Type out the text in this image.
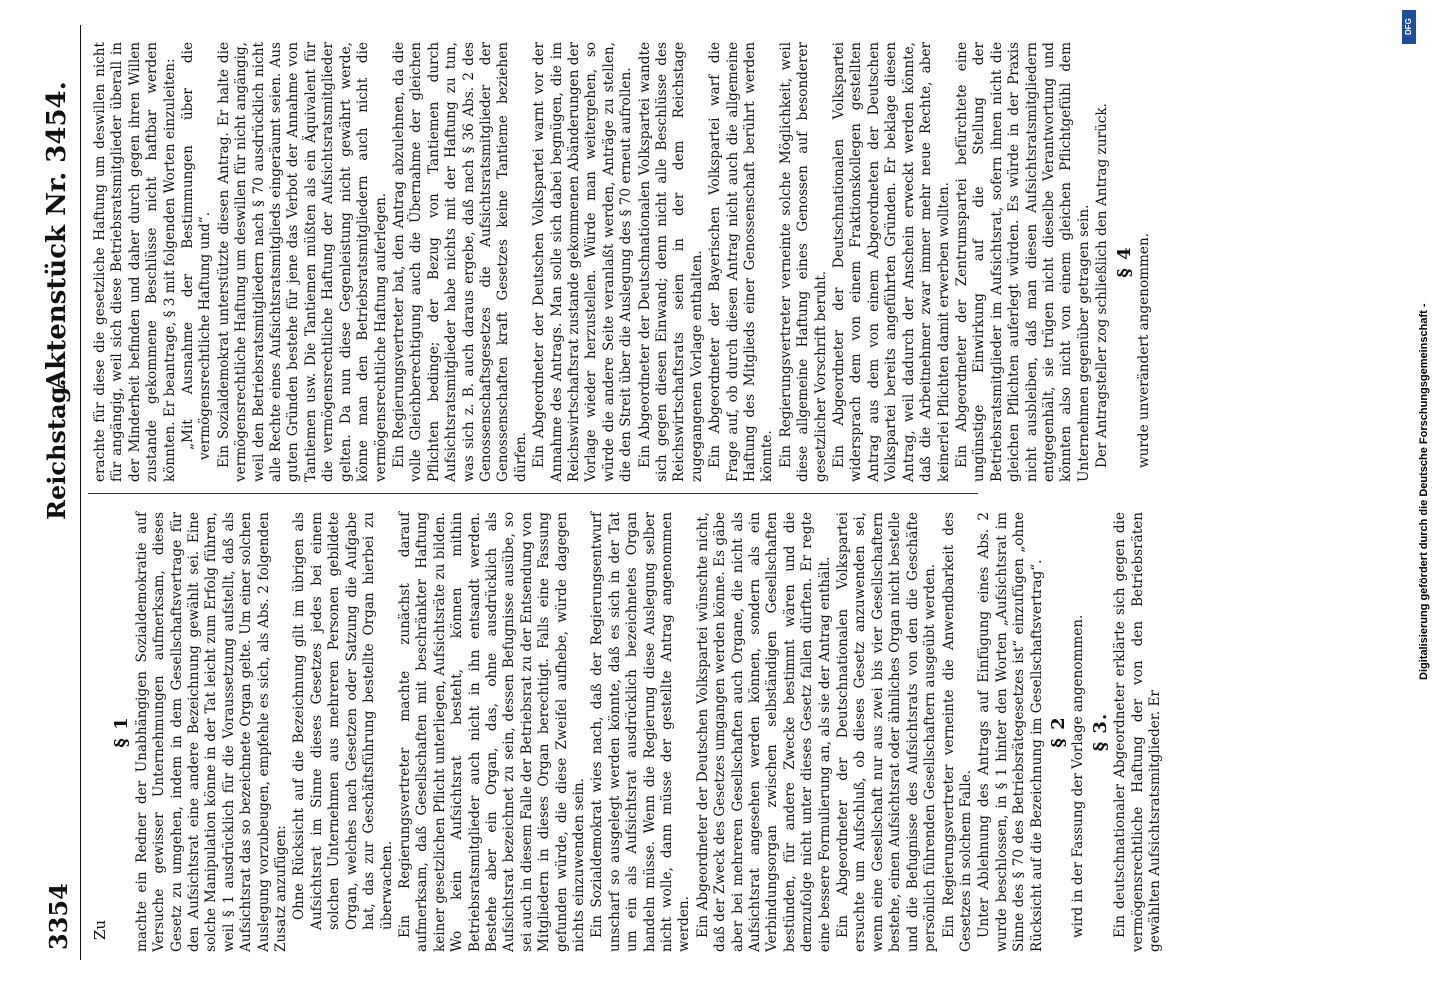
3354
Reichstag.
Aktenstück Nr. 3454.
Zu
§ 1 machte ein Redner der Unabhängigen Sozialdemokratie auf Versuche gewisser Unternehmungen aufmerksam, dieses Gesetz zu umgehen, indem in dem Gesellschaftsvertrage für den Aufsichtsrat eine andere Bezeichnung gewählt sei. Eine solche Manipulation könne in der Tat leicht zum Erfolg führen, weil § 1 ausdrücklich für die Voraussetzung aufstellt, daß als Aufsichtsrat das so bezeichnete Organ gelte. Um einer solchen Auslegung vorzubeugen, empfehle es sich, als Abs. 2 folgenden Zusatz anzufügen: Ohne Rücksicht auf die Bezeichnung gilt im übrigen als Aufsichtsrat im Sinne dieses Gesetzes jedes bei einem solchen Unternehmen aus mehreren Personen gebildete Organ, welches nach Gesetzen oder Satzung die Aufgabe hat, das zur Geschäftsführung bestellte Organ hierbei zu überwachen. Ein Regierungsvertreter machte zunächst darauf aufmerksam, daß Gesellschaften mit beschränkter Haftung keiner gesetzlichen Pflicht unterliegen, Aufsichtsräte zu bilden. Wo kein Aufsichtsrat besteht, können mithin Betriebsratsmitglieder auch nicht in ihn entsandt werden. Bestehe aber ein Organ, das, ohne ausdrücklich als Aufsichtsrat bezeichnet zu sein, dessen Befugnisse ausübe, so sei auch in diesem Falle der Betriebsrat zu der Entsendung von Mitgliedern in dieses Organ berechtigt. Falls eine Fassung gefunden würde, die diese Zweifel aufhebe, würde dagegen nichts einzuwenden sein. Ein Sozialdemokrat wies nach, daß der Regierungsentwurf unscharf so ausgelegt werden könnte, daß es sich in der Tat um ein als Aufsichtsrat ausdrücklich bezeichnetes Organ handeln müsse. Wenn die Regierung diese Auslegung selber nicht wolle, dann müsse der gestellte Antrag angenommen werden. Ein Abgeordneter der Deutschen Volkspartei wünschte nicht, daß der Zweck des Gesetzes umgangen werden könne. Es gäbe aber bei mehreren Gesellschaften auch Organe, die nicht als Aufsichtsrat angesehen werden können, sondern als ein Verbindungsorgan zwischen selbständigen Gesellschaften bestünden, für andere Zwecke bestimmt wären und die demzufolge nicht unter dieses Gesetz fallen dürften. Er regte eine bessere Formulierung an, als sie der Antrag enthält. Ein Abgeordneter der Deutschnationalen Volkspartei ersuchte um Aufschluß, ob dieses Gesetz anzuwenden sei, wenn eine Gesellschaft nur aus zwei bis vier Gesellschaftern bestehe, einen Aufsichtsrat oder ähnliches Organ nicht bestelle und die Befugnisse des Aufsichtsrats von den die Geschäfte persönlich führenden Gesellschaftern ausgeübt werden. Ein Regierungsvertreter verneinte die Anwendbarkeit des Gesetzes in solchem Falle. Unter Ablehnung des Antrags auf Einfügung eines Abs. 2 wurde beschlossen, in § 1 hinter den Worten „Aufsichtsrat im Sinne des § 70 des Betriebsrätegesetzes ist“ einzufügen „ohne Rücksicht auf die Bezeichnung im Gesellschaftsvertrag“. § 2 wird in der Fassung der Vorlage angenommen. § 3. Ein deutschnationaler Abgeordneter erklärte sich gegen die vermögensrechtliche Haftung der von den Betriebsräten gewählten Aufsichtsratsmitglieder. Er

erachte für diese die gesetzliche Haftung um deswillen nicht für angängig, weil sich diese Betriebsratsmitglieder überall in der Minderheit befinden und daher durch gegen ihren Willen zustande gekommene Beschlüsse nicht haftbar werden könnten. Er beantrage, § 3 mit folgenden Worten einzuleiten: „Mit Ausnahme der Bestimmungen über die vermögensrechtliche Haftung und“. Ein Sozialdemokrat unterstützte diesen Antrag. Er halte die vermögensrechtliche Haftung um deswillen für nicht angängig, weil den Betriebsratsmitgliedern nach § 70 ausdrücklich nicht alle Rechte eines Aufsichtsratsmitglieds eingeräumt seien. Aus guten Gründen bestehe für jene das Verbot der Annahme von Tantiemen usw. Die Tantiemen müßten als ein Äquivalent für die vermögensrechtliche Haftung der Aufsichtsratsmitglieder gelten. Da nun diese Gegenleistung nicht gewährt werde, könne man den Betriebsratsmitgliedern auch nicht die vermögensrechtliche Haftung auferlegen. Ein Regierungsvertreter bat, den Antrag abzulehnen, da die volle Gleichberechtigung auch die Übernahme der gleichen Pflichten bedinge; der Bezug von Tantiemen durch Aufsichtsratsmitglieder habe nichts mit der Haftung zu tun, was sich z. B. auch daraus ergebe, daß nach § 36 Abs. 2 des Genossenschaftsgesetzes die Aufsichtsratsmitglieder der Genossenschaften kraft Gesetzes keine Tantieme beziehen dürfen. Ein Abgeordneter der Deutschen Volkspartei warnt vor der Annahme des Antrags. Man solle sich dabei begnügen, die im Reichswirtschaftsrat zustande gekommenen Abänderungen der Vorlage wieder herzustellen. Würde man weitergehen, so würde die andere Seite veranlaßt werden, Anträge zu stellen, die den Streit über die Auslegung des § 70 erneut aufrollen. Ein Abgeordneter der Deutschnationalen Volkspartei wandte sich gegen diesen Einwand; denn nicht alle Beschlüsse des Reichswirtschaftsrats seien in der dem Reichstage zugegangenen Vorlage enthalten. Ein Abgeordneter der Bayerischen Volkspartei warf die Frage auf, ob durch diesen Antrag nicht auch die allgemeine Haftung des Mitglieds einer Genossenschaft berührt werden könnte. Ein Regierungsvertreter verneinte solche Möglichkeit, weil diese allgemeine Haftung eines Genossen auf besonderer gesetzlicher Vorschrift beruht. Ein Abgeordneter der Deutschnationalen Volkspartei widersprach dem von einem Fraktionskollegen gestellten Antrag aus dem von einem Abgeordneten der Deutschen Volkspartei bereits angeführten Gründen. Er beklage diesen Antrag, weil dadurch der Anschein erweckt werden könnte, daß die Arbeitnehmer zwar immer mehr neue Rechte, aber keinerlei Pflichten damit erwerben wollten. Ein Abgeordneter der Zentrumspartei befürchtete eine ungünstige Einwirkung auf die Stellung der Betriebsratsmitglieder im Aufsichtsrat, sofern ihnen nicht die gleichen Pflichten auferlegt würden. Es würde in der Praxis nicht ausbleiben, daß man diesen Aufsichtsratsmitgliedern entgegenhält, sie trügen nicht dieselbe Verantwortung und könnten also nicht von einem gleichen Pflichtgefühl dem Unternehmen gegenüber getragen sein. Der Antragsteller zog schließlich den Antrag zurück. § 4 wurde unverändert angenommen.

DFG
Digitalisierung gefördert durch die Deutsche Forschungsgemeinschaft -
